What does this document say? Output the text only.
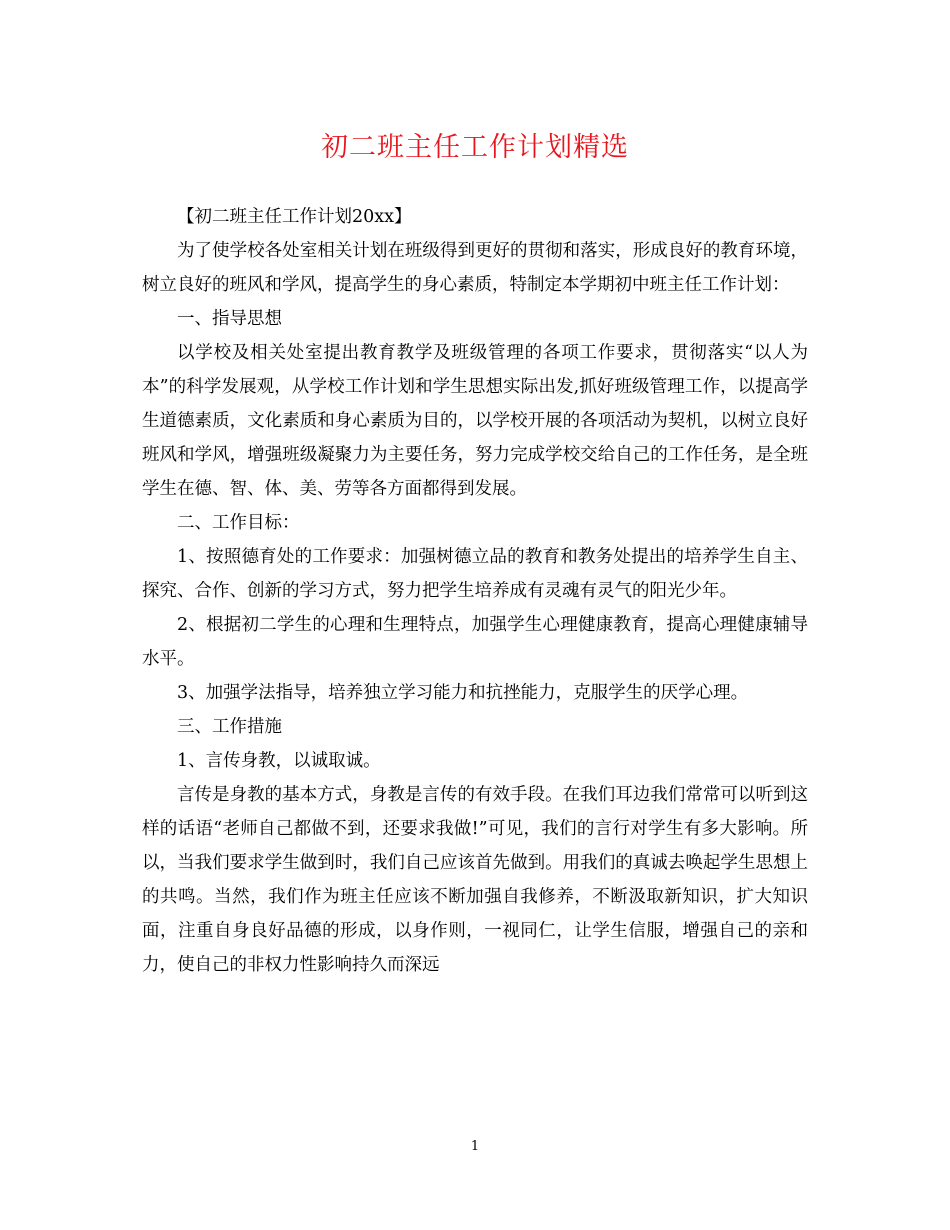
初二班主任工作计划精选

【初二班主任工作计划20xx】

为了使学校各处室相关计划在班级得到更好的贯彻和落实，形成良好的教育环境，树立良好的班风和学风，提高学生的身心素质，特制定本学期初中班主任工作计划：

一、指导思想

以学校及相关处室提出教育教学及班级管理的各项工作要求，贯彻落实“以人为本”的科学发展观，从学校工作计划和学生思想实际出发,抓好班级管理工作，以提高学生道德素质，文化素质和身心素质为目的，以学校开展的各项活动为契机，以树立良好班风和学风，增强班级凝聚力为主要任务，努力完成学校交给自己的工作任务，是全班学生在德、智、体、美、劳等各方面都得到发展。

二、工作目标：

1、按照德育处的工作要求：加强树德立品的教育和教务处提出的培养学生自主、探究、合作、创新的学习方式，努力把学生培养成有灵魂有灵气的阳光少年。

2、根据初二学生的心理和生理特点，加强学生心理健康教育，提高心理健康辅导水平。

3、加强学法指导，培养独立学习能力和抗挫能力，克服学生的厌学心理。

三、工作措施

1、言传身教，以诚取诚。

言传是身教的基本方式，身教是言传的有效手段。在我们耳边我们常常可以听到这样的话语“老师自己都做不到，还要求我做!”可见，我们的言行对学生有多大影响。所以，当我们要求学生做到时，我们自己应该首先做到。用我们的真诚去唤起学生思想上的共鸣。当然，我们作为班主任应该不断加强自我修养，不断汲取新知识，扩大知识面，注重自身良好品德的形成，以身作则，一视同仁，让学生信服，增强自己的亲和力，使自己的非权力性影响持久而深远

1
